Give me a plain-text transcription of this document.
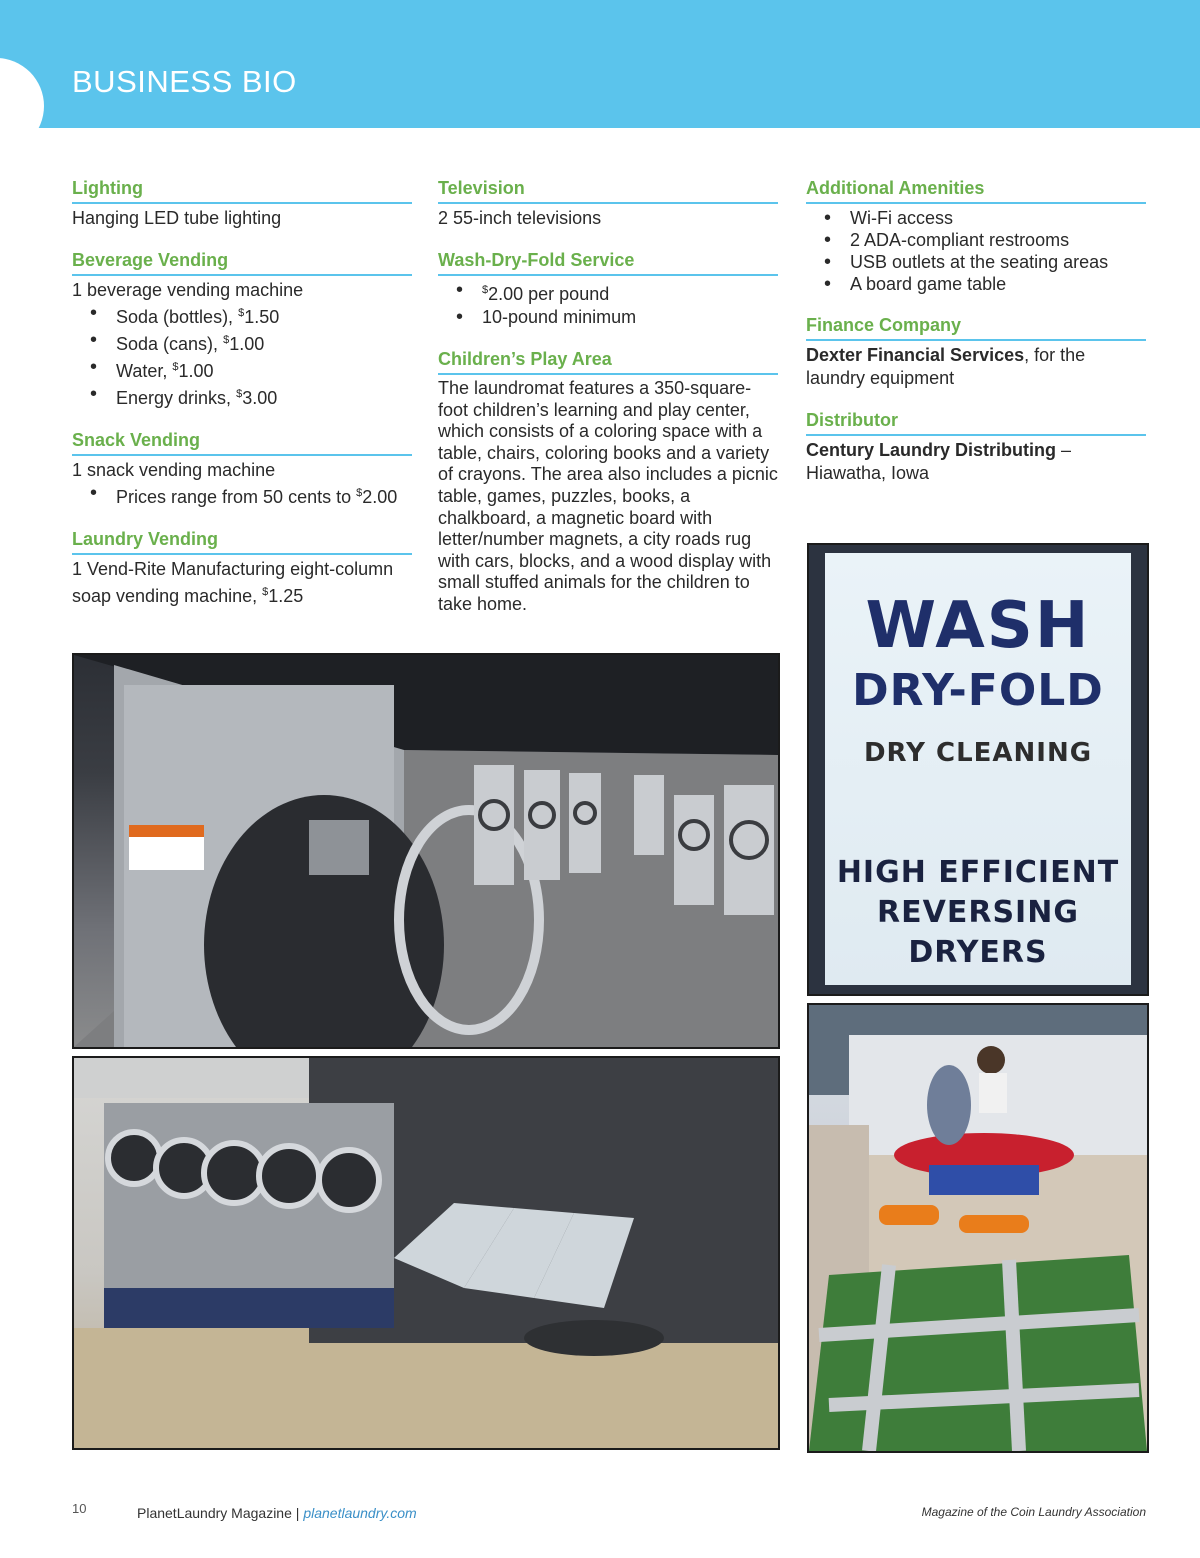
BUSINESS BIO
Lighting
Hanging LED tube lighting
Beverage Vending
1 beverage vending machine
• Soda (bottles), $1.50
• Soda (cans), $1.00
• Water, $1.00
• Energy drinks, $3.00
Snack Vending
1 snack vending machine
• Prices range from 50 cents to $2.00
Laundry Vending
1 Vend-Rite Manufacturing eight-column soap vending machine, $1.25
Television
2 55-inch televisions
Wash-Dry-Fold Service
• $2.00 per pound
• 10-pound minimum
Children’s Play Area
The laundromat features a 350-square-foot children’s learning and play center, which consists of a coloring space with a table, chairs, coloring books and a variety of crayons. The area also includes a picnic table, games, puzzles, books, a chalkboard, a magnetic board with letter/number magnets, a city roads rug with cars, blocks, and a wood display with small stuffed animals for the children to take home.
Additional Amenities
• Wi-Fi access
• 2 ADA-compliant restrooms
• USB outlets at the seating areas
• A board game table
Finance Company
Dexter Financial Services, for the laundry equipment
Distributor
Century Laundry Distributing – Hiawatha, Iowa
WASH
DRY-FOLD
DRY CLEANING
HIGH EFFICIENT
REVERSING DRYERS
10	PlanetLaundry Magazine | planetlaundry.com	Magazine of the Coin Laundry Association
